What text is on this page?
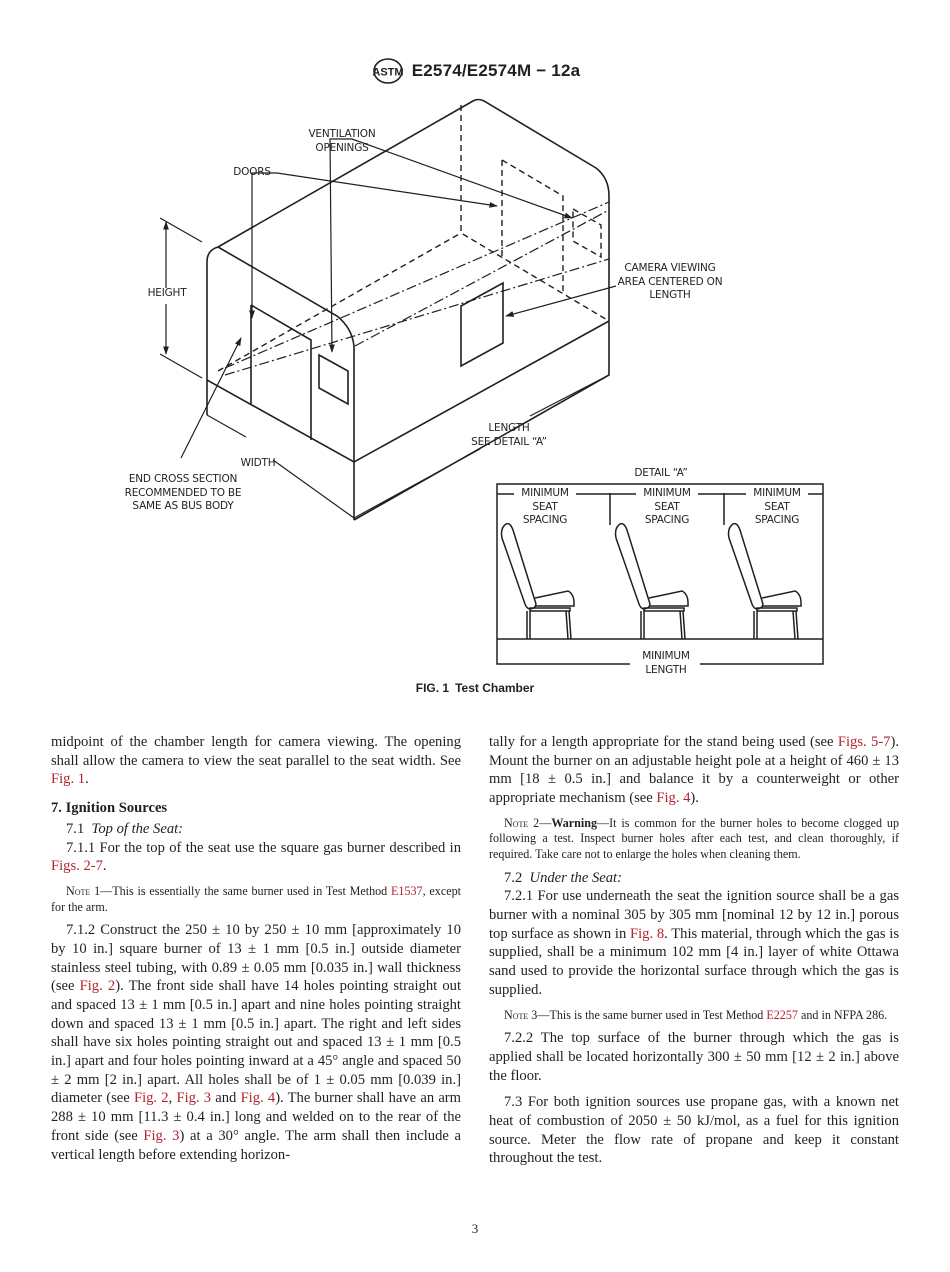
ASTM E2574/E2574M − 12a
VENTILATION
OPENINGS
DOORS
HEIGHT
CAMERA VIEWING
AREA CENTERED ON
LENGTH
LENGTH
SEE DETAIL “A”
WIDTH
END CROSS SECTION
RECOMMENDED TO BE
SAME AS BUS BODY
DETAIL “A”
MINIMUM
SEAT
SPACING
MINIMUM
SEAT
SPACING
MINIMUM
SEAT
SPACING
MINIMUM
LENGTH
FIG. 1 Test Chamber

midpoint of the chamber length for camera viewing. The opening shall allow the camera to view the seat parallel to the seat width. See Fig. 1.

7. Ignition Sources

7.1 Top of the Seat:

7.1.1 For the top of the seat use the square gas burner described in Figs. 2-7.

Note 1—This is essentially the same burner used in Test Method E1537, except for the arm.

7.1.2 Construct the 250 ± 10 by 250 ± 10 mm [approximately 10 by 10 in.] square burner of 13 ± 1 mm [0.5 in.] outside diameter stainless steel tubing, with 0.89 ± 0.05 mm [0.035 in.] wall thickness (see Fig. 2). The front side shall have 14 holes pointing straight out and spaced 13 ± 1 mm [0.5 in.] apart and nine holes pointing straight down and spaced 13 ± 1 mm [0.5 in.] apart. The right and left sides shall have six holes pointing straight out and spaced 13 ± 1 mm [0.5 in.] apart and four holes pointing inward at a 45° angle and spaced 50 ± 2 mm [2 in.] apart. All holes shall be of 1 ± 0.05 mm [0.039 in.] diameter (see Fig. 2, Fig. 3 and Fig. 4). The burner shall have an arm 288 ± 10 mm [11.3 ± 0.4 in.] long and welded on to the rear of the front side (see Fig. 3) at a 30° angle. The arm shall then include a vertical length before extending horizon-

tally for a length appropriate for the stand being used (see Figs. 5-7). Mount the burner on an adjustable height pole at a height of 460 ± 13 mm [18 ± 0.5 in.] and balance it by a counterweight or other appropriate mechanism (see Fig. 4).

Note 2—Warning—It is common for the burner holes to become clogged up following a test. Inspect burner holes after each test, and clean thoroughly, if required. Take care not to enlarge the holes when cleaning them.

7.2 Under the Seat:

7.2.1 For use underneath the seat the ignition source shall be a gas burner with a nominal 305 by 305 mm [nominal 12 by 12 in.] porous top surface as shown in Fig. 8. This material, through which the gas is supplied, shall be a minimum 102 mm [4 in.] layer of white Ottawa sand used to provide the horizontal surface through which the gas is supplied.

Note 3—This is the same burner used in Test Method E2257 and in NFPA 286.

7.2.2 The top surface of the burner through which the gas is applied shall be located horizontally 300 ± 50 mm [12 ± 2 in.] above the floor.

7.3 For both ignition sources use propane gas, with a known net heat of combustion of 2050 ± 50 kJ/mol, as a fuel for this ignition source. Meter the flow rate of propane and keep it constant throughout the test.

3
